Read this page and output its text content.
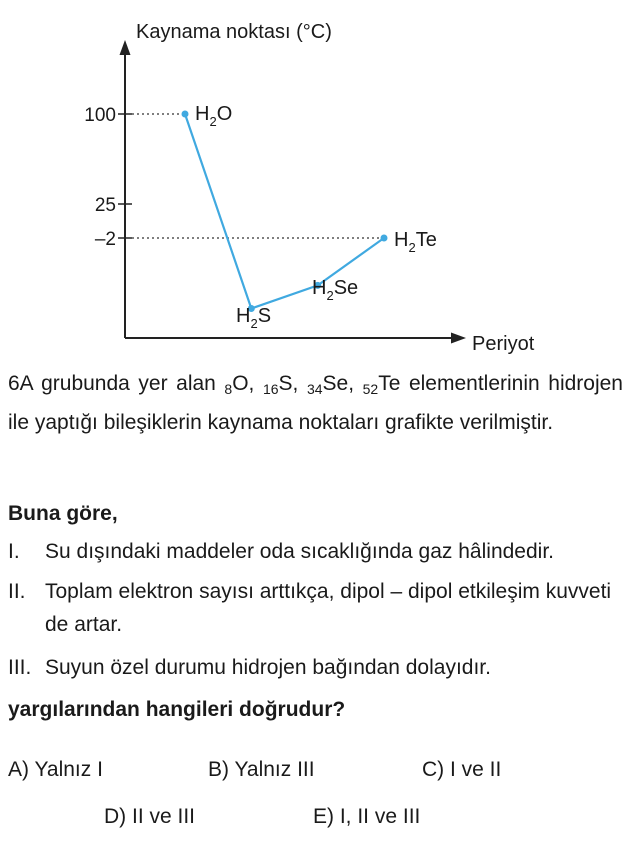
Kaynama noktası (°C)
Periyot
100
25
–2
$H_2O$
$H_2S$
$H_2Se$
$H_2Te$
6A grubunda yer alan $_8$O, $_{16}$S, $_{34}$Se, $_{52}$Te elementlerinin hidrojen ile yaptığı bileşiklerin kaynama noktaları grafikte verilmiştir.
Buna göre,
I. Su dışındaki maddeler oda sıcaklığında gaz hâlindedir.
II. Toplam elektron sayısı arttıkça, dipol – dipol etkileşim kuvveti de artar.
III. Suyun özel durumu hidrojen bağından dolayıdır.
yargılarından hangileri doğrudur?
A) Yalnız I	B) Yalnız III	C) I ve II
D) II ve III	E) I, II ve III
